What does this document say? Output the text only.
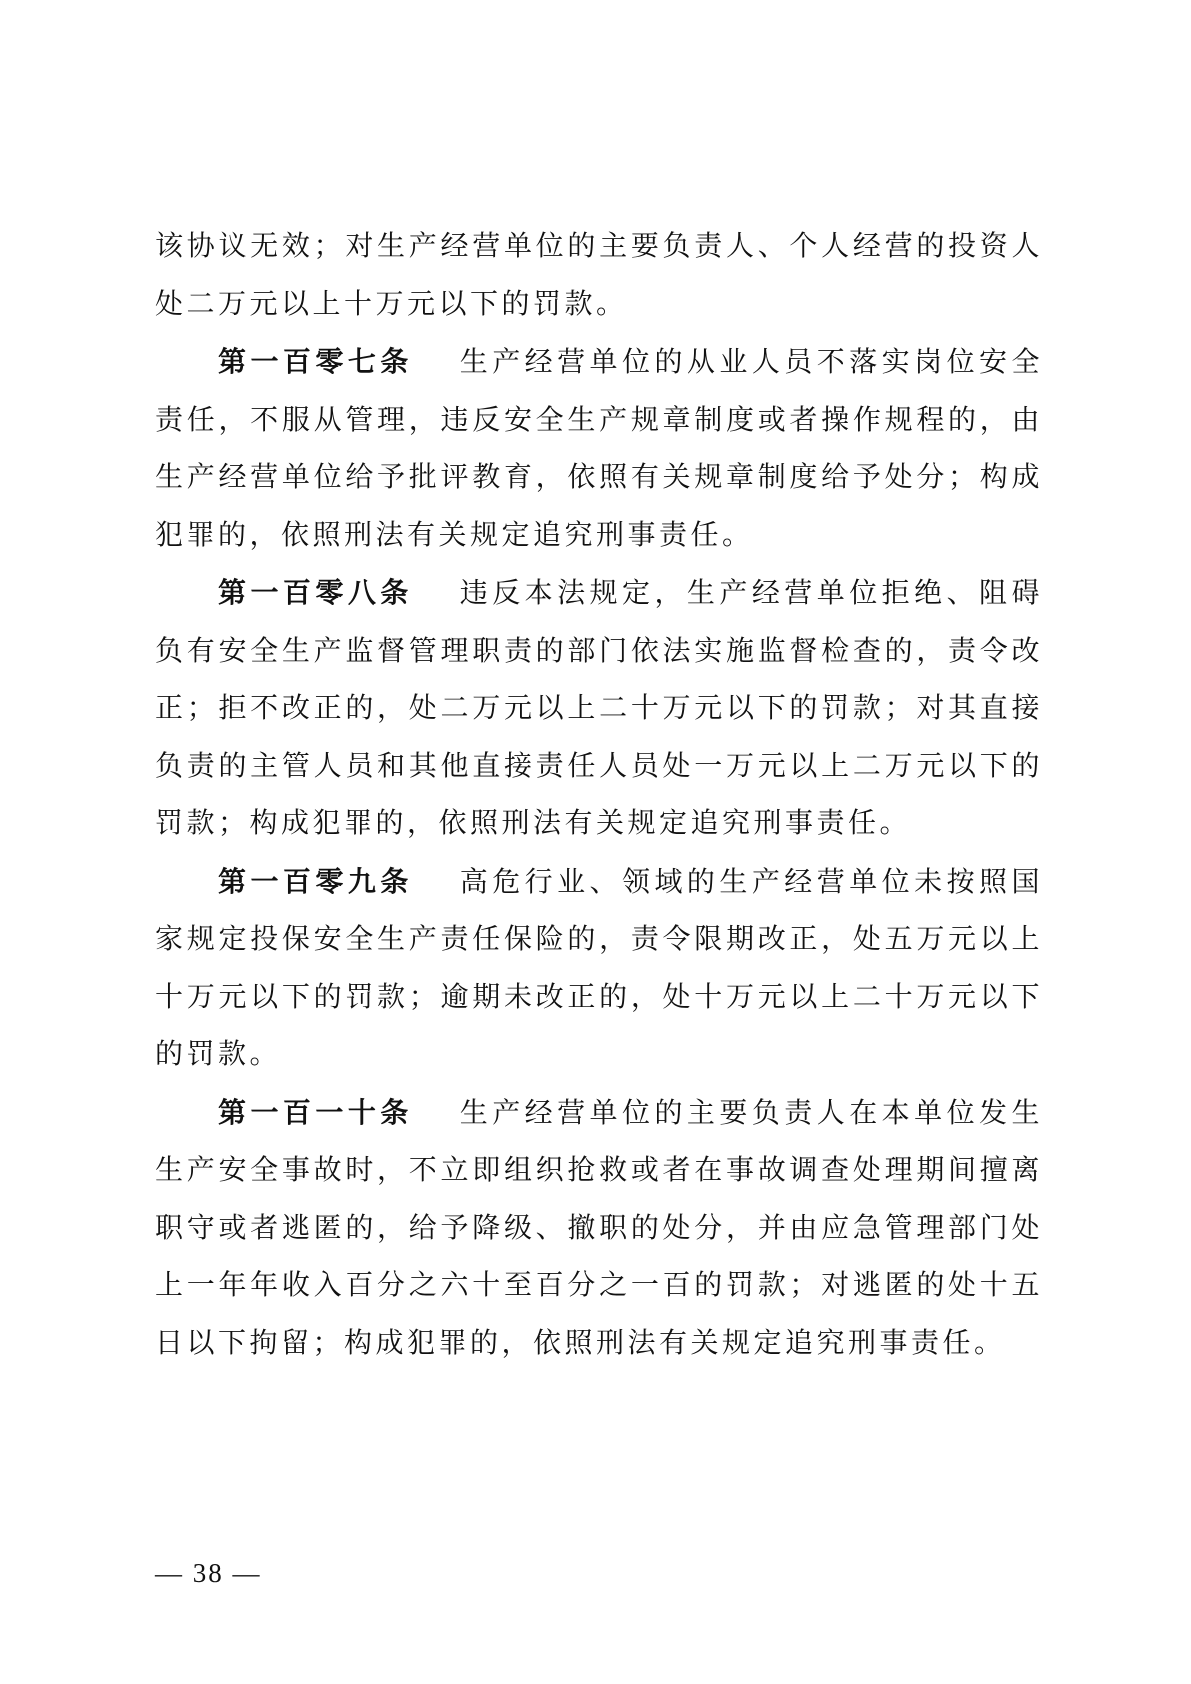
该协议无效；对生产经营单位的主要负责人、个人经营的投资人处二万元以上十万元以下的罚款。

第一百零七条 生产经营单位的从业人员不落实岗位安全责任，不服从管理，违反安全生产规章制度或者操作规程的，由生产经营单位给予批评教育，依照有关规章制度给予处分；构成犯罪的，依照刑法有关规定追究刑事责任。

第一百零八条 违反本法规定，生产经营单位拒绝、阻碍负有安全生产监督管理职责的部门依法实施监督检查的，责令改正；拒不改正的，处二万元以上二十万元以下的罚款；对其直接负责的主管人员和其他直接责任人员处一万元以上二万元以下的罚款；构成犯罪的，依照刑法有关规定追究刑事责任。

第一百零九条 高危行业、领域的生产经营单位未按照国家规定投保安全生产责任保险的，责令限期改正，处五万元以上十万元以下的罚款；逾期未改正的，处十万元以上二十万元以下的罚款。

第一百一十条 生产经营单位的主要负责人在本单位发生生产安全事故时，不立即组织抢救或者在事故调查处理期间擅离职守或者逃匿的，给予降级、撤职的处分，并由应急管理部门处上一年年收入百分之六十至百分之一百的罚款；对逃匿的处十五日以下拘留；构成犯罪的，依照刑法有关规定追究刑事责任。

— 38 —
